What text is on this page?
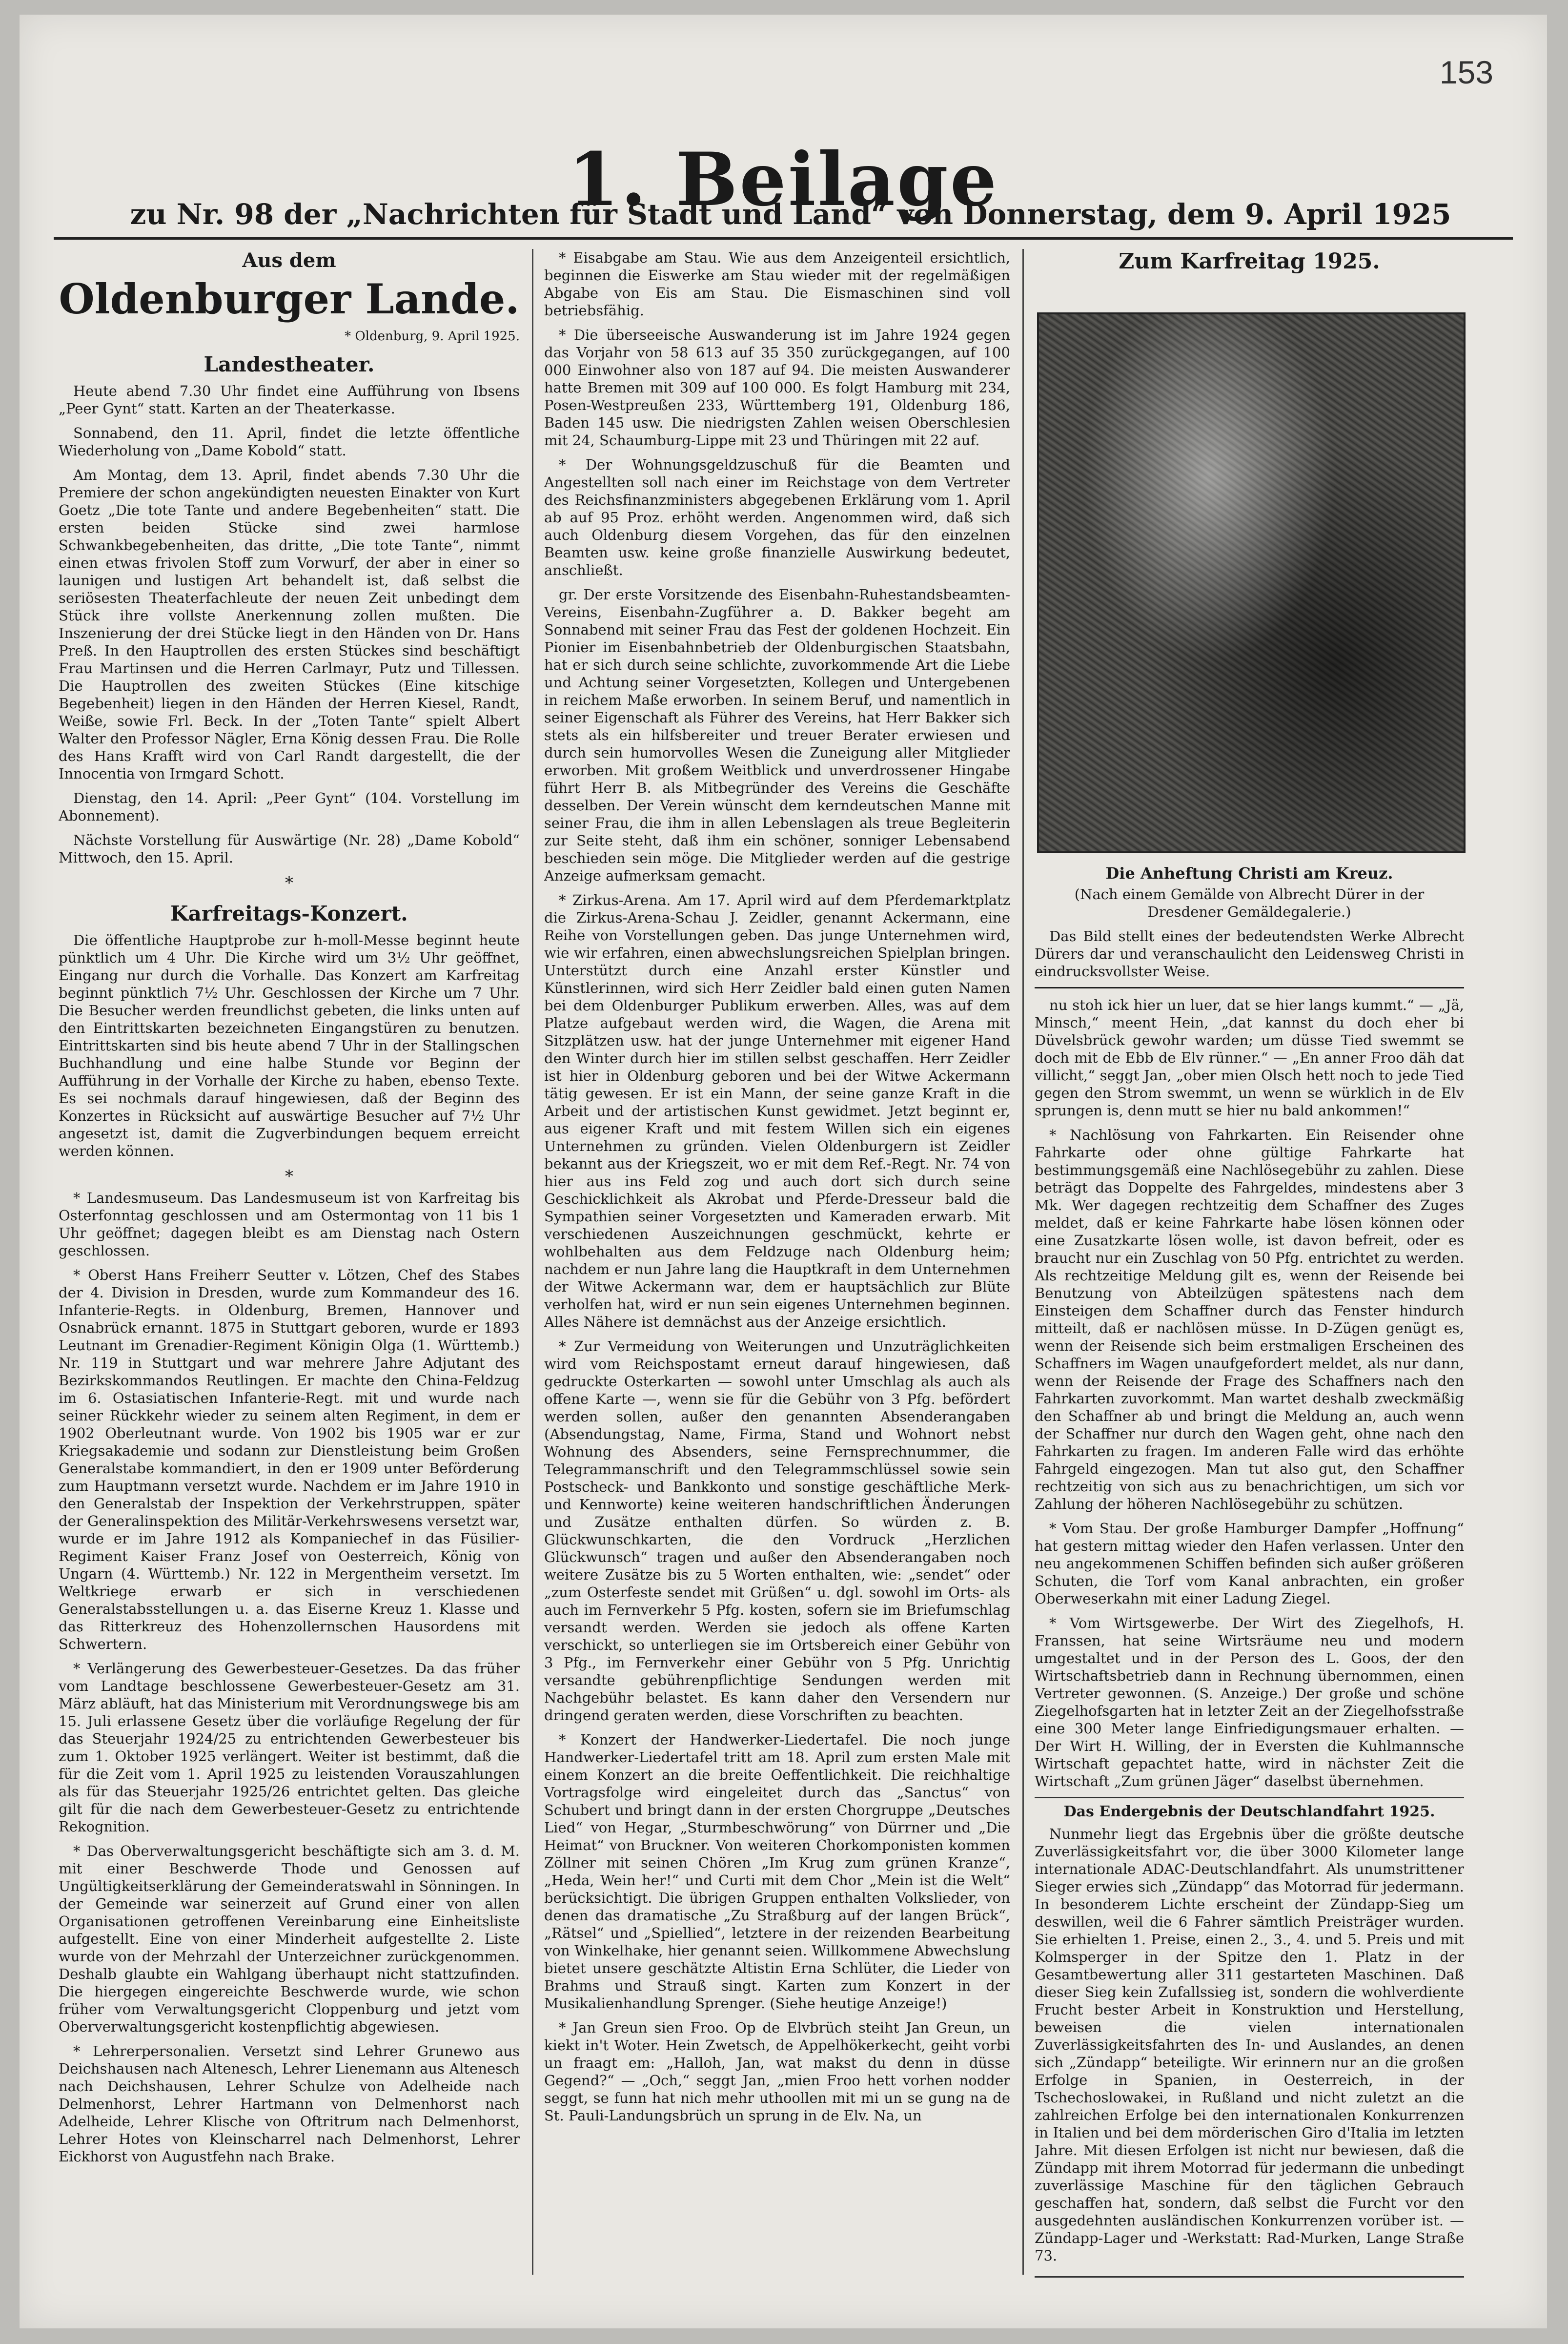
153
1. Beilage
zu Nr. 98 der „Nachrichten für Stadt und Land“ von Donnerstag, dem 9. April 1925
Aus dem
Oldenburger Lande.
* Oldenburg, 9. April 1925.
Landestheater.

Heute abend 7.30 Uhr findet eine Aufführung von Ibsens „Peer Gynt“ statt. Karten an der Theaterkasse.

Sonnabend, den 11. April, findet die letzte öffentliche Wiederholung von „Dame Kobold“ statt.

Am Montag, dem 13. April, findet abends 7.30 Uhr die Premiere der schon angekündigten neuesten Einakter von Kurt Goetz „Die tote Tante und andere Begebenheiten“ statt. Die ersten beiden Stücke sind zwei harmlose Schwankbegebenheiten, das dritte, „Die tote Tante“, nimmt einen etwas frivolen Stoff zum Vorwurf, der aber in einer so launigen und lustigen Art behandelt ist, daß selbst die seriösesten Theaterfachleute der neuen Zeit unbedingt dem Stück ihre vollste Anerkennung zollen mußten. Die Inszenierung der drei Stücke liegt in den Händen von Dr. Hans Preß. In den Hauptrollen des ersten Stückes sind beschäftigt Frau Martinsen und die Herren Carlmayr, Putz und Tillessen. Die Hauptrollen des zweiten Stückes (Eine kitschige Begebenheit) liegen in den Händen der Herren Kiesel, Randt, Weiße, sowie Frl. Beck. In der „Toten Tante“ spielt Albert Walter den Professor Nägler, Erna König dessen Frau. Die Rolle des Hans Krafft wird von Carl Randt dargestellt, die der Innocentia von Irmgard Schott.

Dienstag, den 14. April: „Peer Gynt“ (104. Vorstellung im Abonnement).

Nächste Vorstellung für Auswärtige (Nr. 28) „Dame Kobold“ Mittwoch, den 15. April.

*
Karfreitags-Konzert.

Die öffentliche Hauptprobe zur h-moll-Messe beginnt heute pünktlich um 4 Uhr. Die Kirche wird um 3½ Uhr geöffnet, Eingang nur durch die Vorhalle. Das Konzert am Karfreitag beginnt pünktlich 7½ Uhr. Geschlossen der Kirche um 7 Uhr. Die Besucher werden freundlichst gebeten, die links unten auf den Eintrittskarten bezeichneten Eingangstüren zu benutzen. Eintrittskarten sind bis heute abend 7 Uhr in der Stallingschen Buchhandlung und eine halbe Stunde vor Beginn der Aufführung in der Vorhalle der Kirche zu haben, ebenso Texte. Es sei nochmals darauf hingewiesen, daß der Beginn des Konzertes in Rücksicht auf auswärtige Besucher auf 7½ Uhr angesetzt ist, damit die Zugverbindungen bequem erreicht werden können.

*

* Landesmuseum. Das Landesmuseum ist von Karfreitag bis Osterfonntag geschlossen und am Ostermontag von 11 bis 1 Uhr geöffnet; dagegen bleibt es am Dienstag nach Ostern geschlossen.

* Oberst Hans Freiherr Seutter v. Lötzen, Chef des Stabes der 4. Division in Dresden, wurde zum Kommandeur des 16. Infanterie-Regts. in Oldenburg, Bremen, Hannover und Osnabrück ernannt. 1875 in Stuttgart geboren, wurde er 1893 Leutnant im Grenadier-Regiment Königin Olga (1. Württemb.) Nr. 119 in Stuttgart und war mehrere Jahre Adjutant des Bezirkskommandos Reutlingen. Er machte den China-Feldzug im 6. Ostasiatischen Infanterie-Regt. mit und wurde nach seiner Rückkehr wieder zu seinem alten Regiment, in dem er 1902 Oberleutnant wurde. Von 1902 bis 1905 war er zur Kriegsakademie und sodann zur Dienstleistung beim Großen Generalstabe kommandiert, in den er 1909 unter Beförderung zum Hauptmann versetzt wurde. Nachdem er im Jahre 1910 in den Generalstab der Inspektion der Verkehrstruppen, später der Generalinspektion des Militär-Verkehrswesens versetzt war, wurde er im Jahre 1912 als Kompaniechef in das Füsilier-Regiment Kaiser Franz Josef von Oesterreich, König von Ungarn (4. Württemb.) Nr. 122 in Mergentheim versetzt. Im Weltkriege erwarb er sich in verschiedenen Generalstabsstellungen u. a. das Eiserne Kreuz 1. Klasse und das Ritterkreuz des Hohenzollernschen Hausordens mit Schwertern.

* Verlängerung des Gewerbesteuer-Gesetzes. Da das früher vom Landtage beschlossene Gewerbesteuer-Gesetz am 31. März abläuft, hat das Ministerium mit Verordnungswege bis am 15. Juli erlassene Gesetz über die vorläufige Regelung der für das Steuerjahr 1924/25 zu entrichtenden Gewerbesteuer bis zum 1. Oktober 1925 verlängert. Weiter ist bestimmt, daß die für die Zeit vom 1. April 1925 zu leistenden Vorauszahlungen als für das Steuerjahr 1925/26 entrichtet gelten. Das gleiche gilt für die nach dem Gewerbesteuer-Gesetz zu entrichtende Rekognition.

* Das Oberverwaltungsgericht beschäftigte sich am 3. d. M. mit einer Beschwerde Thode und Genossen auf Ungültigkeitserklärung der Gemeinderatswahl in Sönningen. In der Gemeinde war seinerzeit auf Grund einer von allen Organisationen getroffenen Vereinbarung eine Einheitsliste aufgestellt. Eine von einer Minderheit aufgestellte 2. Liste wurde von der Mehrzahl der Unterzeichner zurückgenommen. Deshalb glaubte ein Wahlgang überhaupt nicht stattzufinden. Die hiergegen eingereichte Beschwerde wurde, wie schon früher vom Verwaltungsgericht Cloppenburg und jetzt vom Oberverwaltungsgericht kostenpflichtig abgewiesen.

* Lehrerpersonalien. Versetzt sind Lehrer Grunewo aus Deichshausen nach Altenesch, Lehrer Lienemann aus Altenesch nach Deichshausen, Lehrer Schulze von Adelheide nach Delmenhorst, Lehrer Hartmann von Delmenhorst nach Adelheide, Lehrer Klische von Oftritrum nach Delmenhorst, Lehrer Hotes von Kleinscharrel nach Delmenhorst, Lehrer Eickhorst von Augustfehn nach Brake.

* Eisabgabe am Stau. Wie aus dem Anzeigenteil ersichtlich, beginnen die Eiswerke am Stau wieder mit der regelmäßigen Abgabe von Eis am Stau. Die Eismaschinen sind voll betriebsfähig.

* Die überseeische Auswanderung ist im Jahre 1924 gegen das Vorjahr von 58 613 auf 35 350 zurückgegangen, auf 100 000 Einwohner also von 187 auf 94. Die meisten Auswanderer hatte Bremen mit 309 auf 100 000. Es folgt Hamburg mit 234, Posen-Westpreußen 233, Württemberg 191, Oldenburg 186, Baden 145 usw. Die niedrigsten Zahlen weisen Oberschlesien mit 24, Schaumburg-Lippe mit 23 und Thüringen mit 22 auf.

* Der Wohnungsgeldzuschuß für die Beamten und Angestellten soll nach einer im Reichstage von dem Vertreter des Reichsfinanzministers abgegebenen Erklärung vom 1. April ab auf 95 Proz. erhöht werden. Angenommen wird, daß sich auch Oldenburg diesem Vorgehen, das für den einzelnen Beamten usw. keine große finanzielle Auswirkung bedeutet, anschließt.

gr. Der erste Vorsitzende des Eisenbahn-Ruhestandsbeamten-Vereins, Eisenbahn-Zugführer a. D. Bakker begeht am Sonnabend mit seiner Frau das Fest der goldenen Hochzeit. Ein Pionier im Eisenbahnbetrieb der Oldenburgischen Staatsbahn, hat er sich durch seine schlichte, zuvorkommende Art die Liebe und Achtung seiner Vorgesetzten, Kollegen und Untergebenen in reichem Maße erworben. In seinem Beruf, und namentlich in seiner Eigenschaft als Führer des Vereins, hat Herr Bakker sich stets als ein hilfsbereiter und treuer Berater erwiesen und durch sein humorvolles Wesen die Zuneigung aller Mitglieder erworben. Mit großem Weitblick und unverdrossener Hingabe führt Herr B. als Mitbegründer des Vereins die Geschäfte desselben. Der Verein wünscht dem kerndeutschen Manne mit seiner Frau, die ihm in allen Lebenslagen als treue Begleiterin zur Seite steht, daß ihm ein schöner, sonniger Lebensabend beschieden sein möge. Die Mitglieder werden auf die gestrige Anzeige aufmerksam gemacht.

* Zirkus-Arena. Am 17. April wird auf dem Pferdemarktplatz die Zirkus-Arena-Schau J. Zeidler, genannt Ackermann, eine Reihe von Vorstellungen geben. Das junge Unternehmen wird, wie wir erfahren, einen abwechslungsreichen Spielplan bringen. Unterstützt durch eine Anzahl erster Künstler und Künstlerinnen, wird sich Herr Zeidler bald einen guten Namen bei dem Oldenburger Publikum erwerben. Alles, was auf dem Platze aufgebaut werden wird, die Wagen, die Arena mit Sitzplätzen usw. hat der junge Unternehmer mit eigener Hand den Winter durch hier im stillen selbst geschaffen. Herr Zeidler ist hier in Oldenburg geboren und bei der Witwe Ackermann tätig gewesen. Er ist ein Mann, der seine ganze Kraft in die Arbeit und der artistischen Kunst gewidmet. Jetzt beginnt er, aus eigener Kraft und mit festem Willen sich ein eigenes Unternehmen zu gründen. Vielen Oldenburgern ist Zeidler bekannt aus der Kriegszeit, wo er mit dem Ref.-Regt. Nr. 74 von hier aus ins Feld zog und auch dort sich durch seine Geschicklichkeit als Akrobat und Pferde-Dresseur bald die Sympathien seiner Vorgesetzten und Kameraden erwarb. Mit verschiedenen Auszeichnungen geschmückt, kehrte er wohlbehalten aus dem Feldzuge nach Oldenburg heim; nachdem er nun Jahre lang die Hauptkraft in dem Unternehmen der Witwe Ackermann war, dem er hauptsächlich zur Blüte verholfen hat, wird er nun sein eigenes Unternehmen beginnen. Alles Nähere ist demnächst aus der Anzeige ersichtlich.

* Zur Vermeidung von Weiterungen und Unzuträglichkeiten wird vom Reichspostamt erneut darauf hingewiesen, daß gedruckte Osterkarten — sowohl unter Umschlag als auch als offene Karte —, wenn sie für die Gebühr von 3 Pfg. befördert werden sollen, außer den genannten Absenderangaben (Absendungstag, Name, Firma, Stand und Wohnort nebst Wohnung des Absenders, seine Fernsprechnummer, die Telegrammanschrift und den Telegrammschlüssel sowie sein Postscheck- und Bankkonto und sonstige geschäftliche Merk- und Kennworte) keine weiteren handschriftlichen Änderungen und Zusätze enthalten dürfen. So würden z. B. Glückwunschkarten, die den Vordruck „Herzlichen Glückwunsch“ tragen und außer den Absenderangaben noch weitere Zusätze bis zu 5 Worten enthalten, wie: „sendet“ oder „zum Osterfeste sendet mit Grüßen“ u. dgl. sowohl im Orts- als auch im Fernverkehr 5 Pfg. kosten, sofern sie im Briefumschlag versandt werden. Werden sie jedoch als offene Karten verschickt, so unterliegen sie im Ortsbereich einer Gebühr von 3 Pfg., im Fernverkehr einer Gebühr von 5 Pfg. Unrichtig versandte gebührenpflichtige Sendungen werden mit Nachgebühr belastet. Es kann daher den Versendern nur dringend geraten werden, diese Vorschriften zu beachten.

* Konzert der Handwerker-Liedertafel. Die noch junge Handwerker-Liedertafel tritt am 18. April zum ersten Male mit einem Konzert an die breite Oeffentlichkeit. Die reichhaltige Vortragsfolge wird eingeleitet durch das „Sanctus“ von Schubert und bringt dann in der ersten Chorgruppe „Deutsches Lied“ von Hegar, „Sturmbeschwörung“ von Dürrner und „Die Heimat“ von Bruckner. Von weiteren Chorkomponisten kommen Zöllner mit seinen Chören „Im Krug zum grünen Kranze“, „Heda, Wein her!“ und Curti mit dem Chor „Mein ist die Welt“ berücksichtigt. Die übrigen Gruppen enthalten Volkslieder, von denen das dramatische „Zu Straßburg auf der langen Brück“, „Rätsel“ und „Spiellied“, letztere in der reizenden Bearbeitung von Winkelhake, hier genannt seien. Willkommene Abwechslung bietet unsere geschätzte Altistin Erna Schlüter, die Lieder von Brahms und Strauß singt. Karten zum Konzert in der Musikalienhandlung Sprenger. (Siehe heutige Anzeige!)

* Jan Greun sien Froo. Op de Elvbrüch steiht Jan Greun, un kiekt in't Woter. Hein Zwetsch, de Appelhökerkecht, geiht vorbi un fraagt em: „Halloh, Jan, wat makst du denn in düsse Gegend?“ — „Och,“ seggt Jan, „mien Froo hett vorhen nodder seggt, se funn hat nich mehr uthoollen mit mi un se gung na de St. Pauli-Landungsbrüch un sprung in de Elv. Na, un

Zum Karfreitag 1925.
Die Anheftung Christi am Kreuz.
(Nach einem Gemälde von Albrecht Dürer in der Dresdener Gemäldegalerie.)

Das Bild stellt eines der bedeutendsten Werke Albrecht Dürers dar und veranschaulicht den Leidensweg Christi in eindrucksvollster Weise.

nu stoh ick hier un luer, dat se hier langs kummt.“ — „Jä, Minsch,“ meent Hein, „dat kannst du doch eher bi Düvelsbrück gewohr warden; um düsse Tied swemmt se doch mit de Ebb de Elv rünner.“ — „En anner Froo däh dat villicht,“ seggt Jan, „ober mien Olsch hett noch to jede Tied gegen den Strom swemmt, un wenn se würklich in de Elv sprungen is, denn mutt se hier nu bald ankommen!“

* Nachlösung von Fahrkarten. Ein Reisender ohne Fahrkarte oder ohne gültige Fahrkarte hat bestimmungsgemäß eine Nachlösegebühr zu zahlen. Diese beträgt das Doppelte des Fahrgeldes, mindestens aber 3 Mk. Wer dagegen rechtzeitig dem Schaffner des Zuges meldet, daß er keine Fahrkarte habe lösen können oder eine Zusatzkarte lösen wolle, ist davon befreit, oder es braucht nur ein Zuschlag von 50 Pfg. entrichtet zu werden. Als rechtzeitige Meldung gilt es, wenn der Reisende bei Benutzung von Abteilzügen spätestens nach dem Einsteigen dem Schaffner durch das Fenster hindurch mitteilt, daß er nachlösen müsse. In D-Zügen genügt es, wenn der Reisende sich beim erstmaligen Erscheinen des Schaffners im Wagen unaufgefordert meldet, als nur dann, wenn der Reisende der Frage des Schaffners nach den Fahrkarten zuvorkommt. Man wartet deshalb zweckmäßig den Schaffner ab und bringt die Meldung an, auch wenn der Schaffner nur durch den Wagen geht, ohne nach den Fahrkarten zu fragen. Im anderen Falle wird das erhöhte Fahrgeld eingezogen. Man tut also gut, den Schaffner rechtzeitig von sich aus zu benachrichtigen, um sich vor Zahlung der höheren Nachlösegebühr zu schützen.

* Vom Stau. Der große Hamburger Dampfer „Hoffnung“ hat gestern mittag wieder den Hafen verlassen. Unter den neu angekommenen Schiffen befinden sich außer größeren Schuten, die Torf vom Kanal anbrachten, ein großer Oberweserkahn mit einer Ladung Ziegel.

* Vom Wirtsgewerbe. Der Wirt des Ziegelhofs, H. Franssen, hat seine Wirtsräume neu und modern umgestaltet und in der Person des L. Goos, der den Wirtschaftsbetrieb dann in Rechnung übernommen, einen Vertreter gewonnen. (S. Anzeige.) Der große und schöne Ziegelhofsgarten hat in letzter Zeit an der Ziegelhofsstraße eine 300 Meter lange Einfriedigungsmauer erhalten. — Der Wirt H. Willing, der in Eversten die Kuhlmannsche Wirtschaft gepachtet hatte, wird in nächster Zeit die Wirtschaft „Zum grünen Jäger“ daselbst übernehmen.

Das Endergebnis der Deutschlandfahrt 1925.

Nunmehr liegt das Ergebnis über die größte deutsche Zuverlässigkeitsfahrt vor, die über 3000 Kilometer lange internationale ADAC-Deutschlandfahrt. Als unumstrittener Sieger erwies sich „Zündapp“ das Motorrad für jedermann. In besonderem Lichte erscheint der Zündapp-Sieg um deswillen, weil die 6 Fahrer sämtlich Preisträger wurden. Sie erhielten 1. Preise, einen 2., 3., 4. und 5. Preis und mit Kolmsperger in der Spitze den 1. Platz in der Gesamtbewertung aller 311 gestarteten Maschinen. Daß dieser Sieg kein Zufallssieg ist, sondern die wohlverdiente Frucht bester Arbeit in Konstruktion und Herstellung, beweisen die vielen internationalen Zuverlässigkeitsfahrten des In- und Auslandes, an denen sich „Zündapp“ beteiligte. Wir erinnern nur an die großen Erfolge in Spanien, in Oesterreich, in der Tschechoslowakei, in Rußland und nicht zuletzt an die zahlreichen Erfolge bei den internationalen Konkurrenzen in Italien und bei dem mörderischen Giro d'Italia im letzten Jahre. Mit diesen Erfolgen ist nicht nur bewiesen, daß die Zündapp mit ihrem Motorrad für jedermann die unbedingt zuverlässige Maschine für den täglichen Gebrauch geschaffen hat, sondern, daß selbst die Furcht vor den ausgedehnten ausländischen Konkurrenzen vorüber ist. — Zündapp-Lager und -Werkstatt: Rad-Murken, Lange Straße 73.
